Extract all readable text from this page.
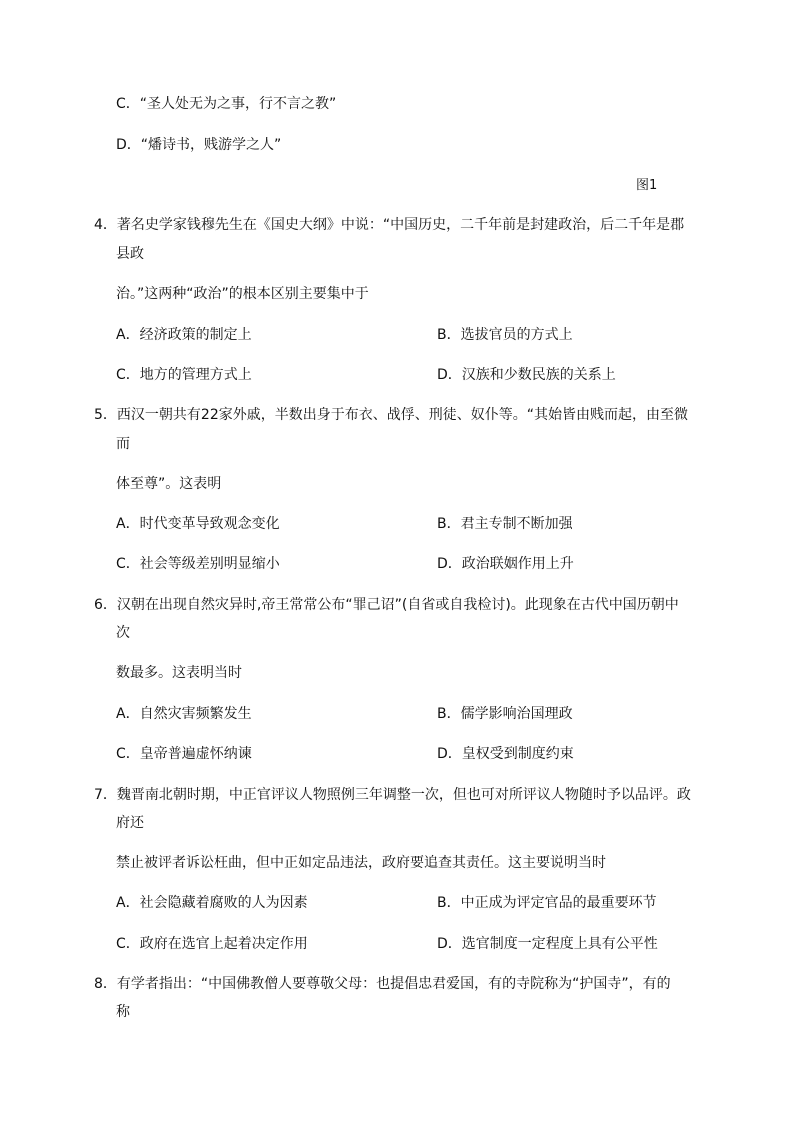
C．“圣人处无为之事，行不言之教”
D．“燔诗书，贱游学之人”
图1
4．著名史学家钱穆先生在《国史大纲》中说：“中国历史，二千年前是封建政治，后二千年是郡
县政
治。”这两种“政治”的根本区别主要集中于
A．经济政策的制定上	B．选拔官员的方式上
C．地方的管理方式上	D．汉族和少数民族的关系上
5．西汉一朝共有22家外戚，半数出身于布衣、战俘、刑徒、奴仆等。“其始皆由贱而起，由至微
而
体至尊”。这表明
A．时代变革导致观念变化	B．君主专制不断加强
C．社会等级差别明显缩小	D．政治联姻作用上升
6．汉朝在出现自然灾异时,帝王常常公布“罪己诏”(自省或自我检讨)。此现象在古代中国历朝中
次
数最多。这表明当时
A．自然灾害频繁发生	B．儒学影响治国理政
C．皇帝普遍虚怀纳谏	D．皇权受到制度约束
7．魏晋南北朝时期，中正官评议人物照例三年调整一次，但也可对所评议人物随时予以品评。政
府还
禁止被评者诉讼枉曲，但中正如定品违法，政府要追查其责任。这主要说明当时
A．社会隐藏着腐败的人为因素	B．中正成为评定官品的最重要环节
C．政府在选官上起着决定作用	D．选官制度一定程度上具有公平性
8．有学者指出：“中国佛教僧人要尊敬父母：也提倡忠君爱国，有的寺院称为“护国寺”，有的
称
